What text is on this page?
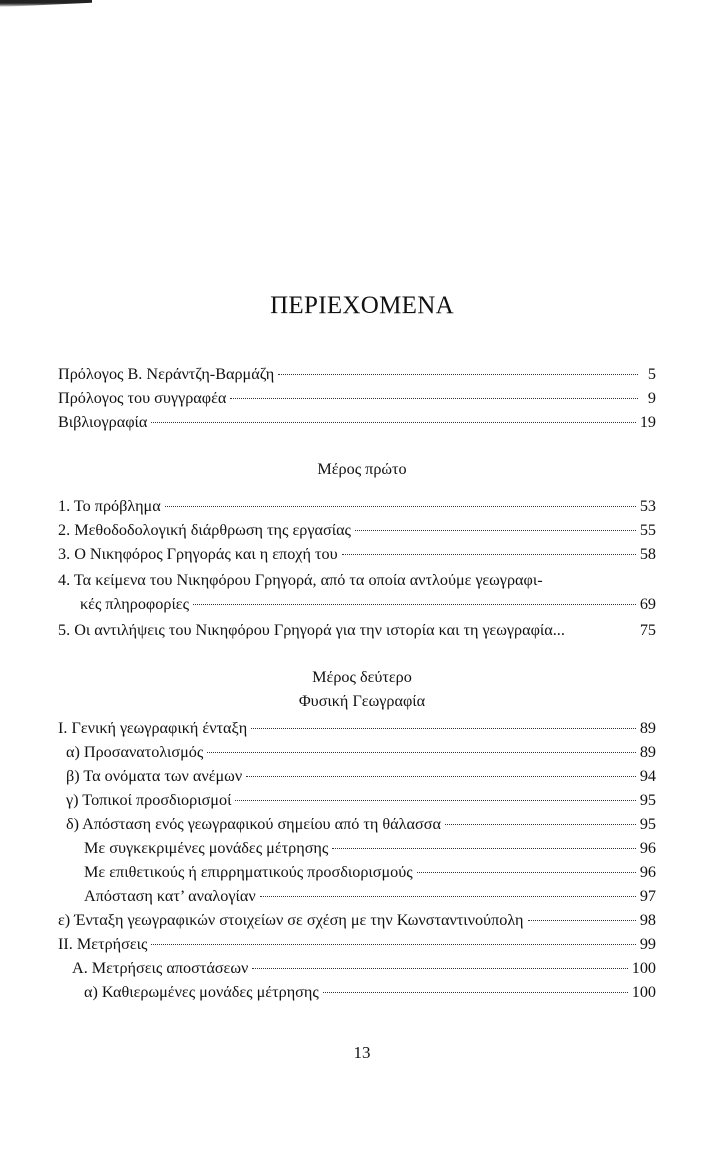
ΠΕΡΙΕΧΟΜΕΝΑ
Πρόλογος Β. Νεράντζη-Βαρμάζη	5
Πρόλογος του συγγραφέα	9
Βιβλιογραφία	19
Μέρος πρώτο
1. Το πρόβλημα	53
2. Μεθοδοδολογική διάρθρωση της εργασίας	55
3. Ο Νικηφόρος Γρηγοράς και η εποχή του	58
4. Τα κείμενα του Νικηφόρου Γρηγορά, από τα οποία αντλούμε γεωγραφι-
κές πληροφορίες	69
5. Οι αντιλήψεις του Νικηφόρου Γρηγορά για την ιστορία και τη γεωγραφία...	75
Μέρος δεύτερο
Φυσική Γεωγραφία
I. Γενική γεωγραφική ένταξη	89
α) Προσανατολισμός	89
β) Τα ονόματα των ανέμων	94
γ) Τοπικοί προσδιορισμοί	95
δ) Απόσταση ενός γεωγραφικού σημείου από τη θάλασσα	95
Με συγκεκριμένες μονάδες μέτρησης	96
Με επιθετικούς ή επιρρηματικούς προσδιορισμούς	96
Απόσταση κατ’ αναλογίαν	97
ε) Ένταξη γεωγραφικών στοιχείων σε σχέση με την Κωνσταντινούπολη	98
II. Μετρήσεις	99
Α. Μετρήσεις αποστάσεων	100
α) Καθιερωμένες μονάδες μέτρησης	100
13
